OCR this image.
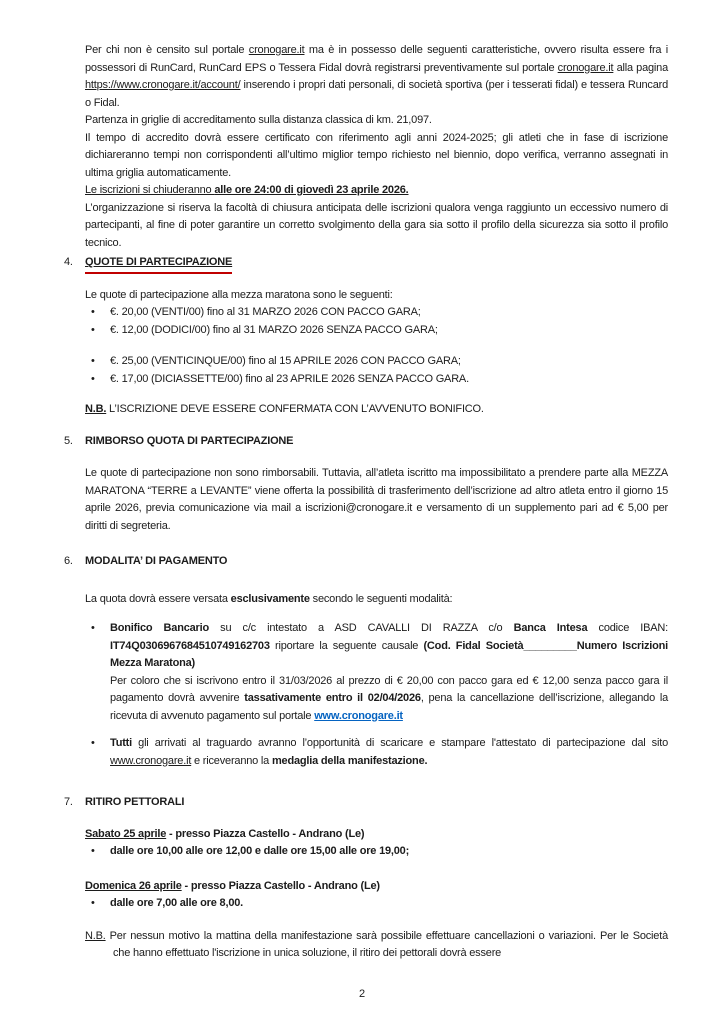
Per chi non è censito sul portale cronogare.it ma è in possesso delle seguenti caratteristiche, ovvero risulta essere fra i possessori di RunCard, RunCard EPS o Tessera Fidal dovrà registrarsi preventivamente sul portale cronogare.it alla pagina https://www.cronogare.it/account/ inserendo i propri dati personali, di società sportiva (per i tesserati fidal) e tessera Runcard o Fidal.

Partenza in griglie di accreditamento sulla distanza classica di km. 21,097.

Il tempo di accredito dovrà essere certificato con riferimento agli anni 2024-2025; gli atleti che in fase di iscrizione dichiareranno tempi non corrispondenti all’ultimo miglior tempo richiesto nel biennio, dopo verifica, verranno assegnati in ultima griglia automaticamente.

Le iscrizioni si chiuderanno alle ore 24:00 di giovedì 23 aprile 2026.

L’organizzazione si riserva la facoltà di chiusura anticipata delle iscrizioni qualora venga raggiunto un eccessivo numero di partecipanti, al fine di poter garantire un corretto svolgimento della gara sia sotto il profilo della sicurezza sia sotto il profilo tecnico.

4.	QUOTE DI PARTECIPAZIONE

Le quote di partecipazione alla mezza maratona sono le seguenti:

•	€. 20,00 (VENTI/00) fino al 31 MARZO 2026 CON PACCO GARA;
•	€. 12,00 (DODICI/00) fino al 31 MARZO 2026 SENZA PACCO GARA;
•	€. 25,00 (VENTICINQUE/00) fino al 15 APRILE 2026 CON PACCO GARA;
•	€. 17,00 (DICIASSETTE/00) fino al 23 APRILE 2026 SENZA PACCO GARA.

N.B. L’ISCRIZIONE DEVE ESSERE CONFERMATA CON L’AVVENUTO BONIFICO.

5.	RIMBORSO QUOTA DI PARTECIPAZIONE

Le quote di partecipazione non sono rimborsabili. Tuttavia, all’atleta iscritto ma impossibilitato a prendere parte alla MEZZA MARATONA “TERRE a LEVANTE” viene offerta la possibilità di trasferimento dell’iscrizione ad altro atleta entro il giorno 15 aprile 2026, previa comunicazione via mail a iscrizioni@cronogare.it e versamento di un supplemento pari ad € 5,00 per diritti di segreteria.

6.	MODALITA’ DI PAGAMENTO

La quota dovrà essere versata esclusivamente secondo le seguenti modalità:

•	Bonifico Bancario su c/c intestato a ASD CAVALLI DI RAZZA c/o Banca Intesa codice IBAN: IT74Q0306967684510749162703 riportare la seguente causale (Cod. Fidal Società_________Numero Iscrizioni Mezza Maratona)

Per coloro che si iscrivono entro il 31/03/2026 al prezzo di € 20,00 con pacco gara ed € 12,00 senza pacco gara il pagamento dovrà avvenire tassativamente entro il 02/04/2026, pena la cancellazione dell’iscrizione, allegando la ricevuta di avvenuto pagamento sul portale www.cronogare.it

•	Tutti gli arrivati al traguardo avranno l’opportunità di scaricare e stampare l'attestato di partecipazione dal sito www.cronogare.it e riceveranno la medaglia della manifestazione.
7.	RITIRO PETTORALI

Sabato 25 aprile - presso Piazza Castello - Andrano (Le)

•	dalle ore 10,00 alle ore 12,00 e dalle ore 15,00 alle ore 19,00;

Domenica 26 aprile - presso Piazza Castello - Andrano (Le)

•	dalle ore 7,00 alle ore 8,00.

N.B. Per nessun motivo la mattina della manifestazione sarà possibile effettuare cancellazioni o variazioni. Per le Società che hanno effettuato l'iscrizione in unica soluzione, il ritiro dei pettorali dovrà essere

2
